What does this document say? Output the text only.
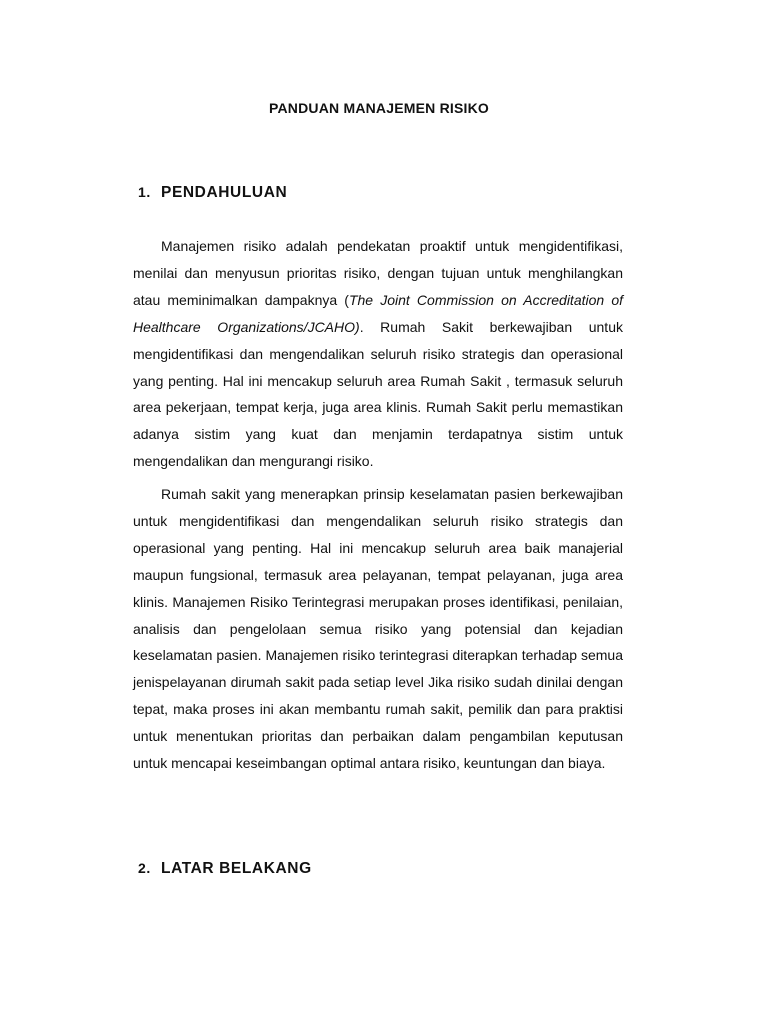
PANDUAN MANAJEMEN RISIKO
1. PENDAHULUAN

Manajemen risiko adalah pendekatan proaktif untuk mengidentifikasi, menilai dan menyusun prioritas risiko, dengan tujuan untuk menghilangkan atau meminimalkan dampaknya (The Joint Commission on Accreditation of Healthcare Organizations/JCAHO). Rumah Sakit berkewajiban untuk mengidentifikasi dan mengendalikan seluruh risiko strategis dan operasional yang penting. Hal ini mencakup seluruh area Rumah Sakit , termasuk seluruh area pekerjaan, tempat kerja, juga area klinis. Rumah Sakit perlu memastikan adanya sistim yang kuat dan menjamin terdapatnya sistim untuk mengendalikan dan mengurangi risiko.

Rumah sakit yang menerapkan prinsip keselamatan pasien berkewajiban untuk mengidentifikasi dan mengendalikan seluruh risiko strategis dan operasional yang penting. Hal ini mencakup seluruh area baik manajerial maupun fungsional, termasuk area pelayanan, tempat pelayanan, juga area klinis. Manajemen Risiko Terintegrasi merupakan proses identifikasi, penilaian, analisis dan pengelolaan semua risiko yang potensial dan kejadian keselamatan pasien. Manajemen risiko terintegrasi diterapkan terhadap semua jenispelayanan dirumah sakit pada setiap level Jika risiko sudah dinilai dengan tepat, maka proses ini akan membantu rumah sakit, pemilik dan para praktisi untuk menentukan prioritas dan perbaikan dalam pengambilan keputusan untuk mencapai keseimbangan optimal antara risiko, keuntungan dan biaya.

2. LATAR BELAKANG
